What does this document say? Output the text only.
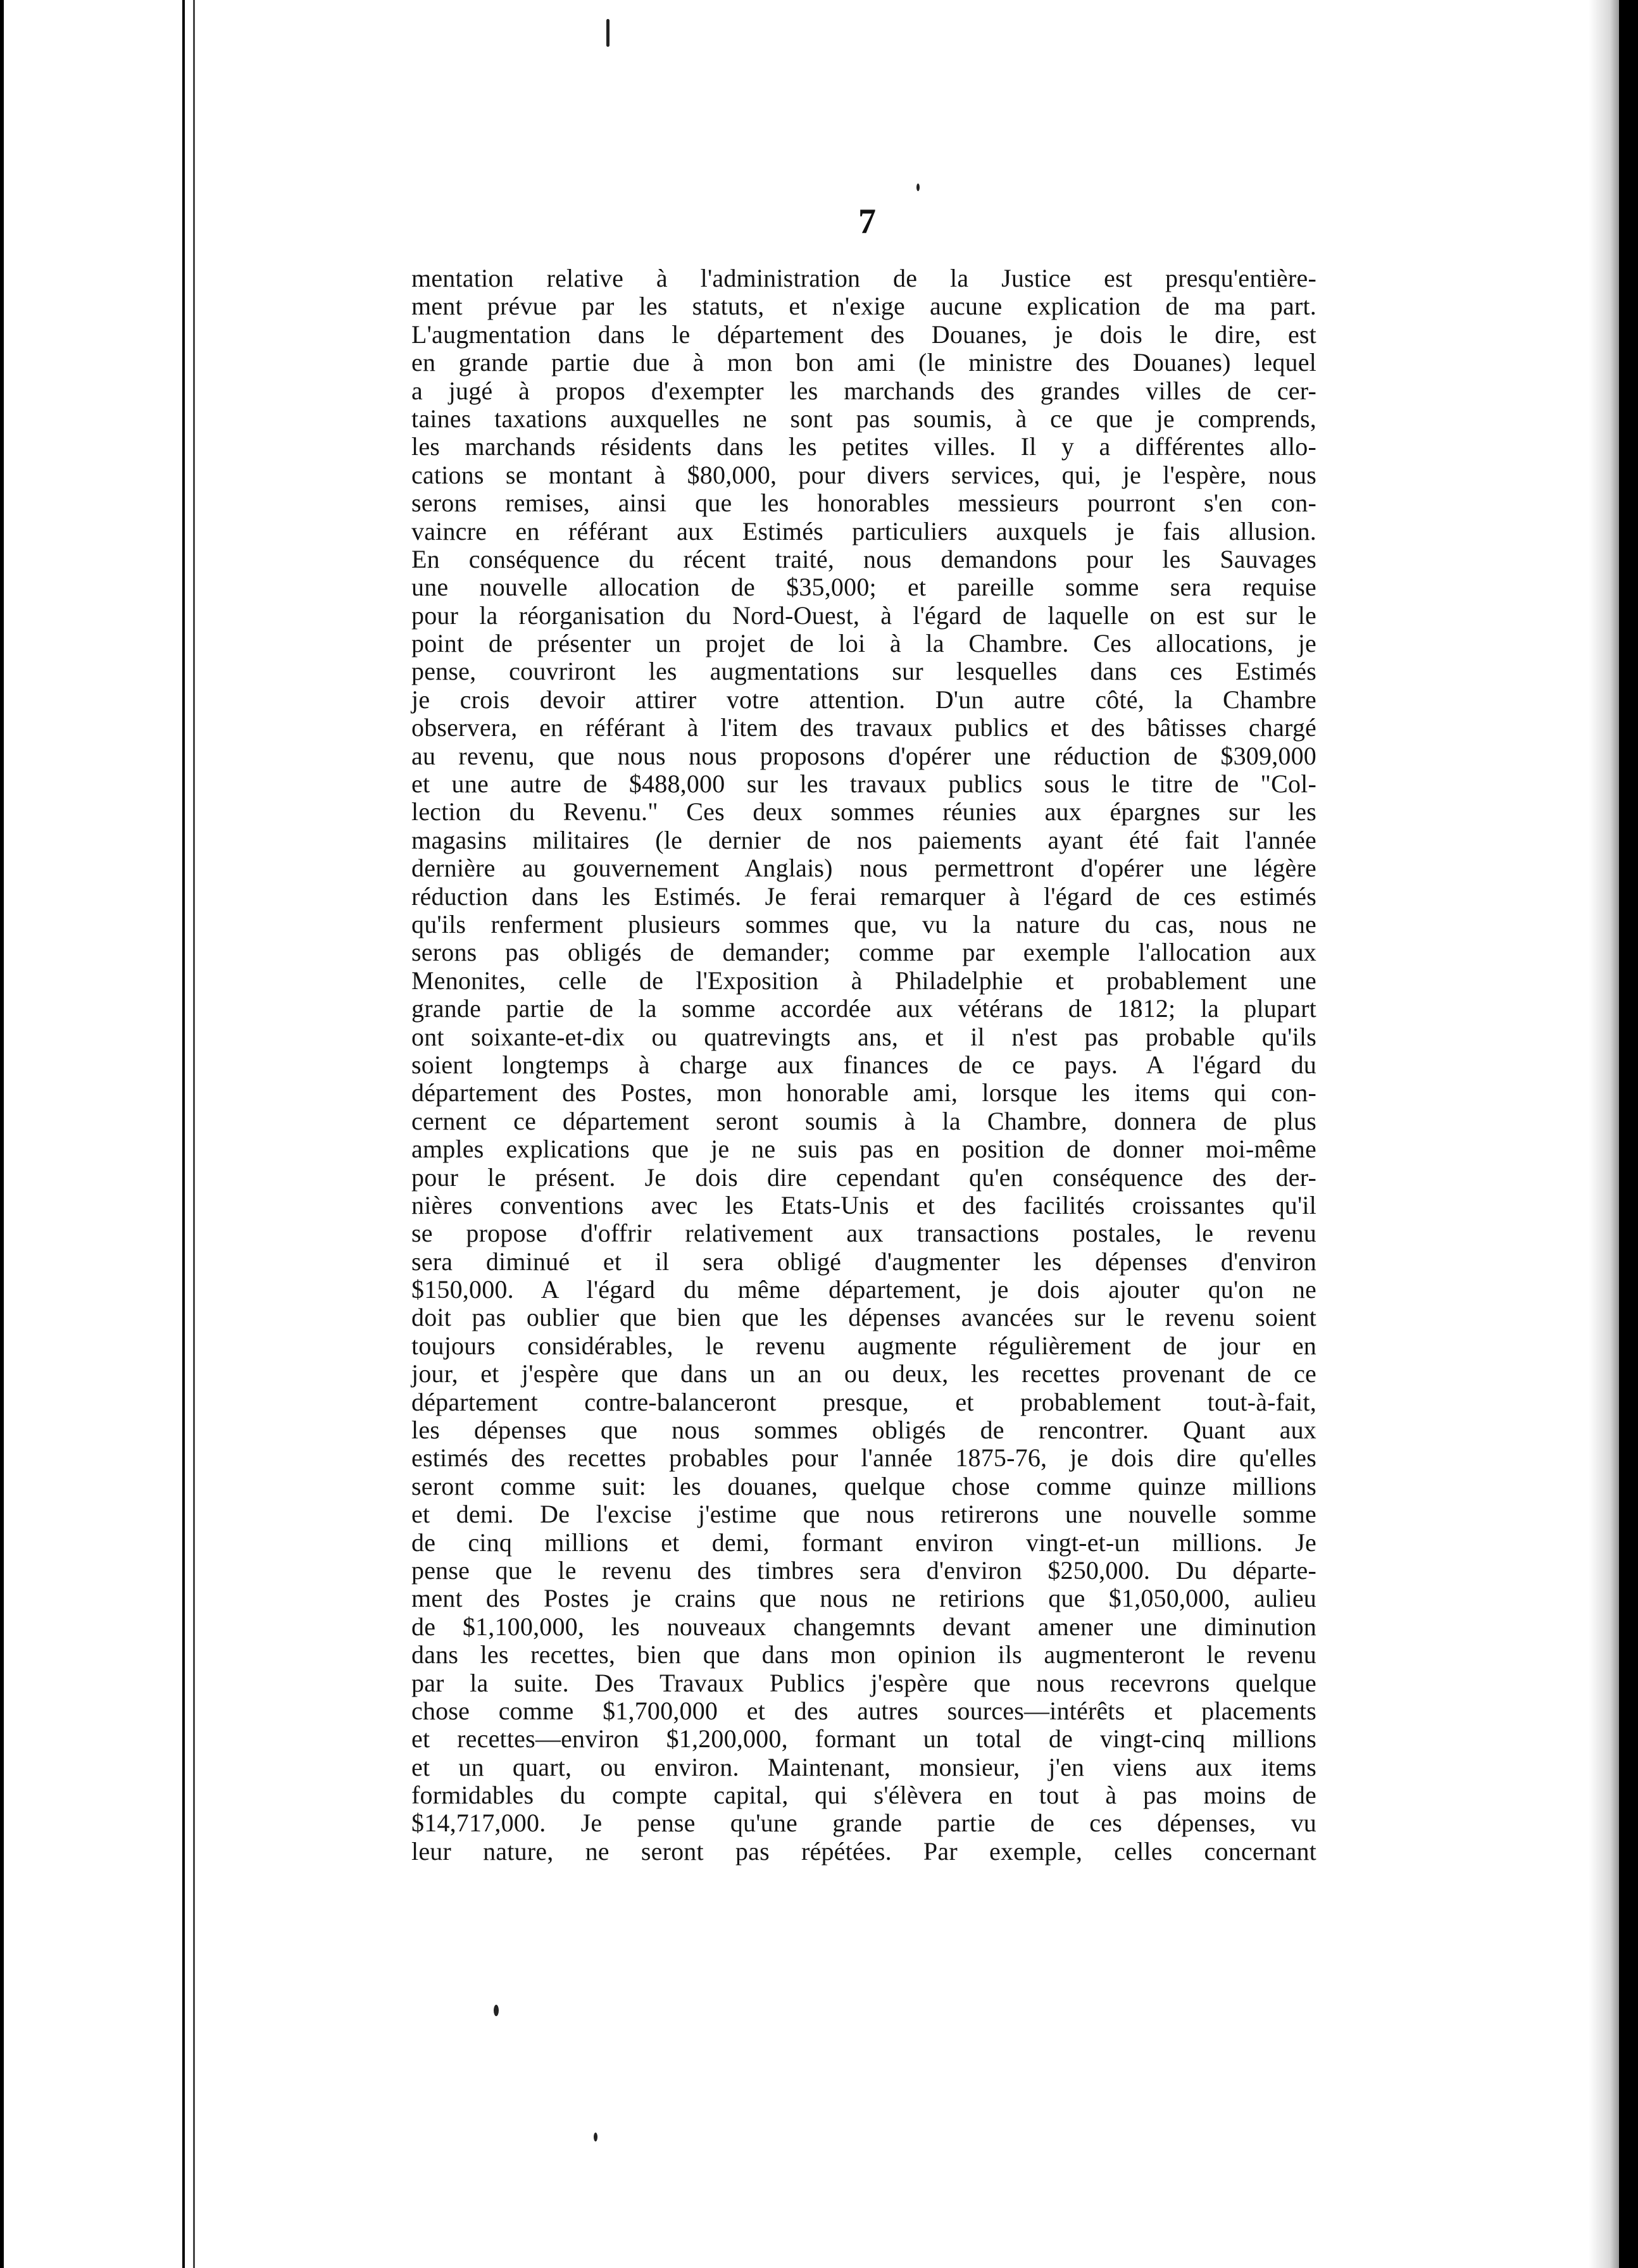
7
mentation relative à l'administration de la Justice est presqu'entière-
ment prévue par les statuts, et n'exige aucune explication de ma part.
L'augmentation dans le département des Douanes, je dois le dire, est
en grande partie due à mon bon ami (le ministre des Douanes) lequel
a jugé à propos d'exempter les marchands des grandes villes de cer-
taines taxations auxquelles ne sont pas soumis, à ce que je comprends,
les marchands résidents dans les petites villes. Il y a différentes allo-
cations se montant à $80,000, pour divers services, qui, je l'espère, nous
serons remises, ainsi que les honorables messieurs pourront s'en con-
vaincre en référant aux Estimés particuliers auxquels je fais allusion.
En conséquence du récent traité, nous demandons pour les Sauvages
une nouvelle allocation de $35,000; et pareille somme sera requise
pour la réorganisation du Nord-Ouest, à l'égard de laquelle on est sur le
point de présenter un projet de loi à la Chambre. Ces allocations, je
pense, couvriront les augmentations sur lesquelles dans ces Estimés
je crois devoir attirer votre attention. D'un autre côté, la Chambre
observera, en référant à l'item des travaux publics et des bâtisses chargé
au revenu, que nous nous proposons d'opérer une réduction de $309,000
et une autre de $488,000 sur les travaux publics sous le titre de "Col-
lection du Revenu." Ces deux sommes réunies aux épargnes sur les
magasins militaires (le dernier de nos paiements ayant été fait l'année
dernière au gouvernement Anglais) nous permettront d'opérer une légère
réduction dans les Estimés. Je ferai remarquer à l'égard de ces estimés
qu'ils renferment plusieurs sommes que, vu la nature du cas, nous ne
serons pas obligés de demander; comme par exemple l'allocation aux
Menonites, celle de l'Exposition à Philadelphie et probablement une
grande partie de la somme accordée aux vétérans de 1812; la plupart
ont soixante-et-dix ou quatrevingts ans, et il n'est pas probable qu'ils
soient longtemps à charge aux finances de ce pays. A l'égard du
département des Postes, mon honorable ami, lorsque les items qui con-
cernent ce département seront soumis à la Chambre, donnera de plus
amples explications que je ne suis pas en position de donner moi-même
pour le présent. Je dois dire cependant qu'en conséquence des der-
nières conventions avec les Etats-Unis et des facilités croissantes qu'il
se propose d'offrir relativement aux transactions postales, le revenu
sera diminué et il sera obligé d'augmenter les dépenses d'environ
$150,000. A l'égard du même département, je dois ajouter qu'on ne
doit pas oublier que bien que les dépenses avancées sur le revenu soient
toujours considérables, le revenu augmente régulièrement de jour en
jour, et j'espère que dans un an ou deux, les recettes provenant de ce
département contre-balanceront presque, et probablement tout-à-fait,
les dépenses que nous sommes obligés de rencontrer. Quant aux
estimés des recettes probables pour l'année 1875-76, je dois dire qu'elles
seront comme suit: les douanes, quelque chose comme quinze millions
et demi. De l'excise j'estime que nous retirerons une nouvelle somme
de cinq millions et demi, formant environ vingt-et-un millions. Je
pense que le revenu des timbres sera d'environ $250,000. Du départe-
ment des Postes je crains que nous ne retirions que $1,050,000, aulieu
de $1,100,000, les nouveaux changemnts devant amener une diminution
dans les recettes, bien que dans mon opinion ils augmenteront le revenu
par la suite. Des Travaux Publics j'espère que nous recevrons quelque
chose comme $1,700,000 et des autres sources—intérêts et placements
et recettes—environ $1,200,000, formant un total de vingt-cinq millions
et un quart, ou environ. Maintenant, monsieur, j'en viens aux items
formidables du compte capital, qui s'élèvera en tout à pas moins de
$14,717,000. Je pense qu'une grande partie de ces dépenses, vu
leur nature, ne seront pas répétées. Par exemple, celles concernant
